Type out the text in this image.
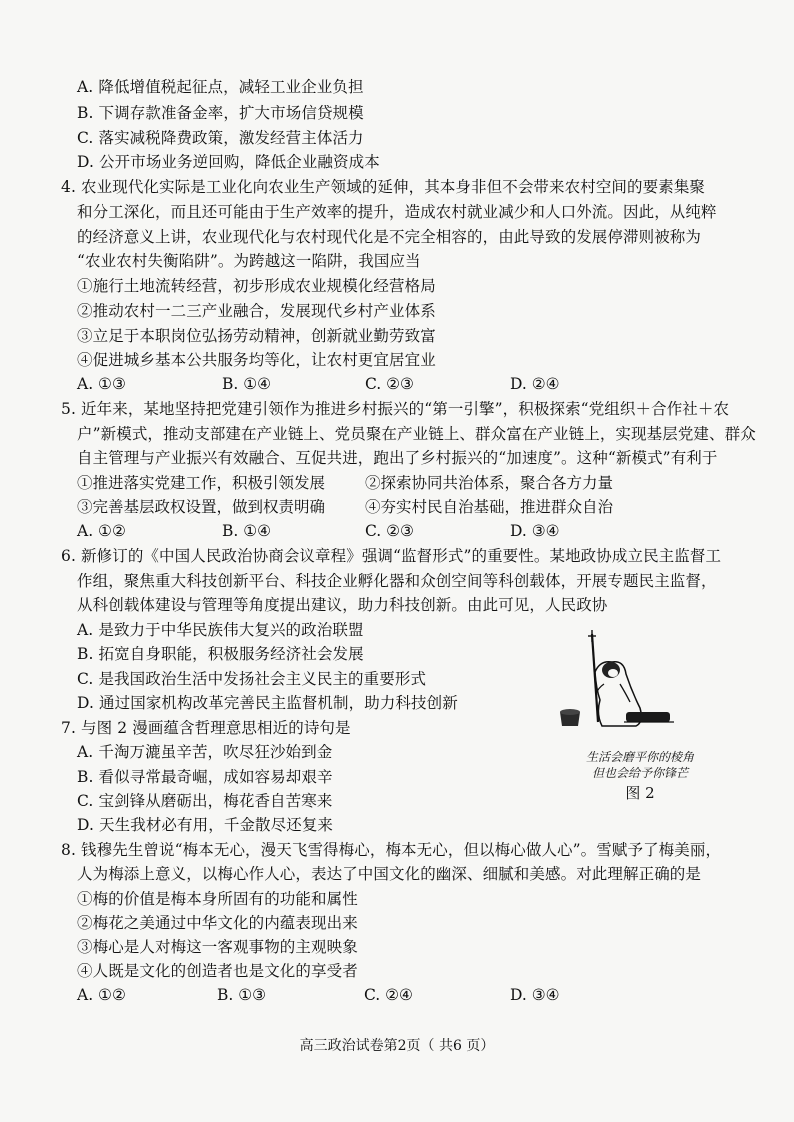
A. 降低增值税起征点，减轻工业企业负担
B. 下调存款准备金率，扩大市场信贷规模
C. 落实减税降费政策，激发经营主体活力
D. 公开市场业务逆回购，降低企业融资成本
4. 农业现代化实际是工业化向农业生产领域的延伸，其本身非但不会带来农村空间的要素集聚
和分工深化，而且还可能由于生产效率的提升，造成农村就业减少和人口外流。因此，从纯粹
的经济意义上讲，农业现代化与农村现代化是不完全相容的，由此导致的发展停滞则被称为
“农业农村失衡陷阱”。为跨越这一陷阱，我国应当
①施行土地流转经营，初步形成农业规模化经营格局
②推动农村一二三产业融合，发展现代乡村产业体系
③立足于本职岗位弘扬劳动精神，创新就业勤劳致富
④促进城乡基本公共服务均等化，让农村更宜居宜业
A. ①③	B. ①④	C. ②③	D. ②④
5. 近年来，某地坚持把党建引领作为推进乡村振兴的“第一引擎”，积极探索“党组织＋合作社＋农
户”新模式，推动支部建在产业链上、党员聚在产业链上、群众富在产业链上，实现基层党建、群众
自主管理与产业振兴有效融合、互促共进，跑出了乡村振兴的“加速度”。这种“新模式”有利于
①推进落实党建工作，积极引领发展	②探索协同共治体系，聚合各方力量
③完善基层政权设置，做到权责明确	④夯实村民自治基础，推进群众自治
A. ①②	B. ①④	C. ②③	D. ③④
6. 新修订的《中国人民政治协商会议章程》强调“监督形式”的重要性。某地政协成立民主监督工
作组，聚焦重大科技创新平台、科技企业孵化器和众创空间等科创载体，开展专题民主监督，
从科创载体建设与管理等角度提出建议，助力科技创新。由此可见，人民政协
A. 是致力于中华民族伟大复兴的政治联盟
B. 拓宽自身职能，积极服务经济社会发展
C. 是我国政治生活中发扬社会主义民主的重要形式
D. 通过国家机构改革完善民主监督机制，助力科技创新
7. 与图 2 漫画蕴含哲理意思相近的诗句是
A. 千淘万漉虽辛苦，吹尽狂沙始到金
B. 看似寻常最奇崛，成如容易却艰辛
C. 宝剑锋从磨砺出，梅花香自苦寒来
D. 天生我材必有用，千金散尽还复来
生活会磨平你的棱角
但也会给予你锋芒
图 2
8. 钱穆先生曾说“梅本无心，漫天飞雪得梅心，梅本无心，但以梅心做人心”。雪赋予了梅美丽，
人为梅添上意义，以梅心作人心，表达了中国文化的幽深、细腻和美感。对此理解正确的是
①梅的价值是梅本身所固有的功能和属性
②梅花之美通过中华文化的内蕴表现出来
③梅心是人对梅这一客观事物的主观映象
④人既是文化的创造者也是文化的享受者
A. ①②	B. ①③	C. ②④	D. ③④
高三政治试卷第2页（ 共6 页）
